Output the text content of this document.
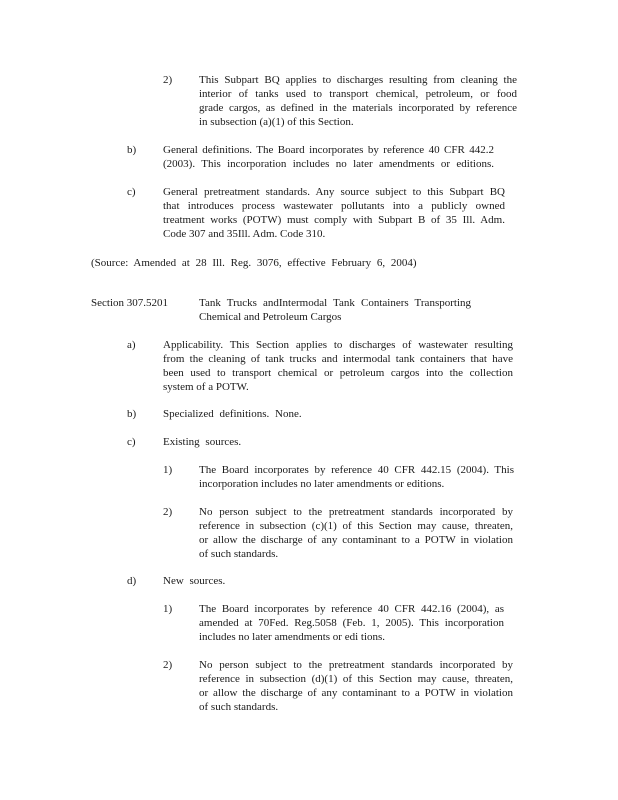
2) This Subpart BQ applies to discharges resulting from cleaning the
interior of tanks used to transport chemical, petroleum, or food
grade cargos, as defined in the materials incorporated by reference
in subsection (a)(1) of this Section.
b) General definitions. The Board incorporates by reference 40 CFR 442.2
(2003). This incorporation includes no later amendments or editions.
c) General pretreatment standards. Any source subject to this Subpart BQ
that introduces process wastewater pollutants into a publicly owned
treatment works (POTW) must comply with Subpart B of 35 Ill. Adm.
Code 307 and 35Ill. Adm. Code 310.
(Source: Amended at 28 Ill. Reg. 3076, effective February 6, 2004)
Section 307.5201	Tank Trucks andIntermodal Tank Containers Transporting
Chemical and Petroleum Cargos
a) Applicability. This Section applies to discharges of wastewater resulting
from the cleaning of tank trucks and intermodal tank containers that have
been used to transport chemical or petroleum cargos into the collection
system of a POTW.
b) Specialized definitions. None.
c) Existing sources.
1) The Board incorporates by reference 40 CFR 442.15 (2004). This
incorporation includes no later amendments or editions.
2) No person subject to the pretreatment standards incorporated by
reference in subsection (c)(1) of this Section may cause, threaten,
or allow the discharge of any contaminant to a POTW in violation
of such standards.
d) New sources.
1) The Board incorporates by reference 40 CFR 442.16 (2004), as
amended at 70Fed. Reg.5058 (Feb. 1, 2005). This incorporation
includes no later amendments or edi tions.
2) No person subject to the pretreatment standards incorporated by
reference in subsection (d)(1) of this Section may cause, threaten,
or allow the discharge of any contaminant to a POTW in violation
of such standards.
